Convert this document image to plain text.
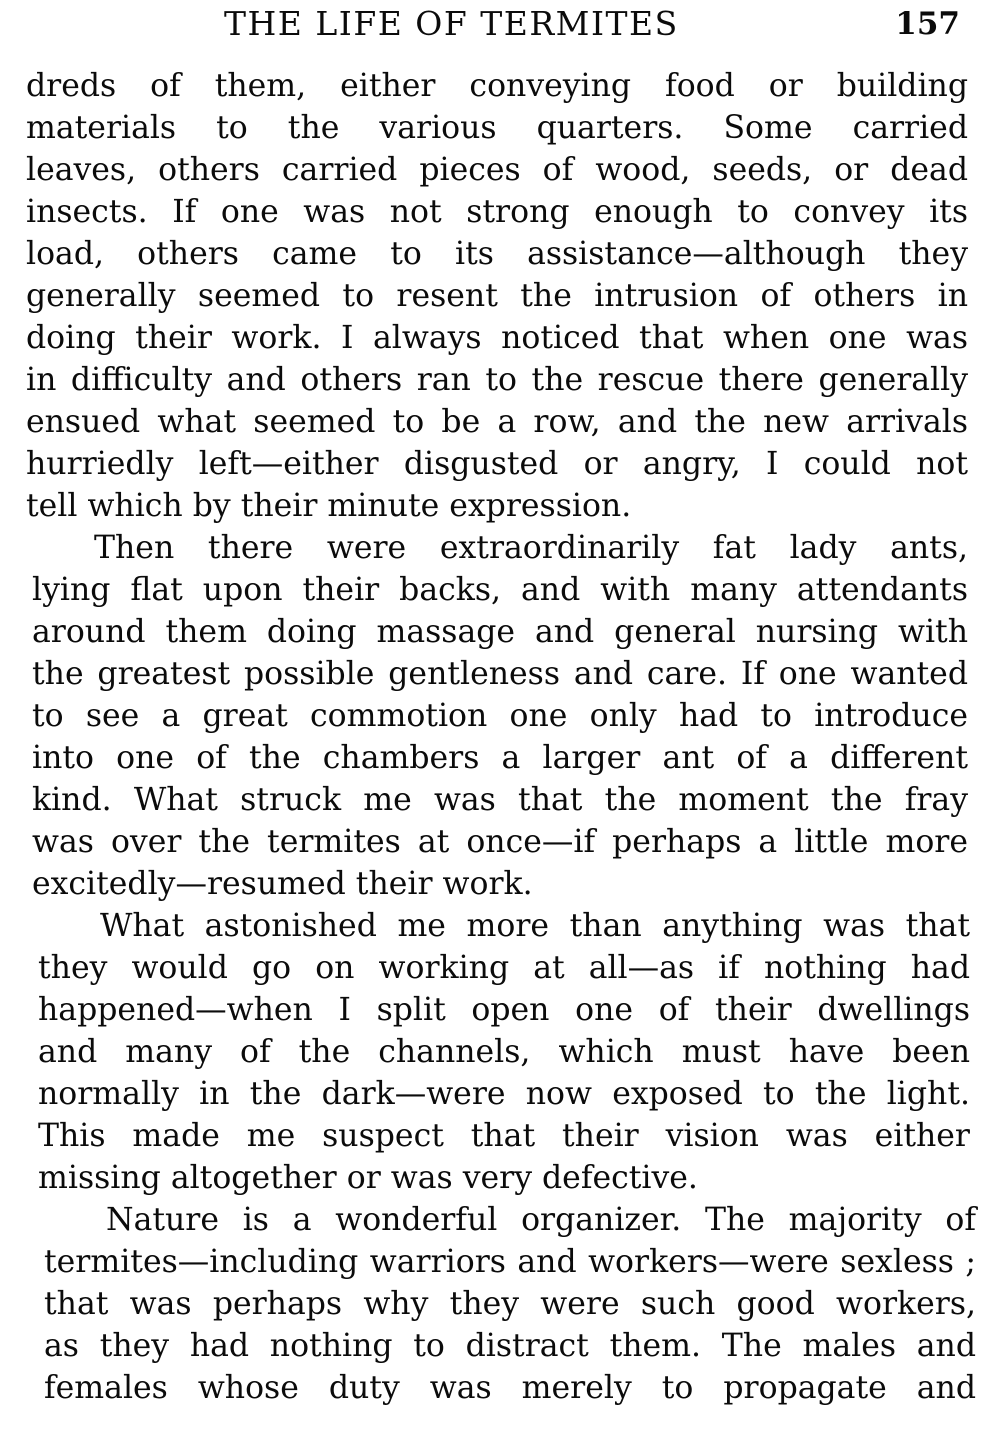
THE LIFE OF TERMITES	157
dreds of them, either conveying food or building
materials to the various quarters. Some carried
leaves, others carried pieces of wood, seeds, or dead
insects. If one was not strong enough to convey its
load, others came to its assistance—although they
generally seemed to resent the intrusion of others in
doing their work. I always noticed that when one was
in difficulty and others ran to the rescue there generally
ensued what seemed to be a row, and the new arrivals
hurriedly left—either disgusted or angry, I could not
tell which by their minute expression.
Then there were extraordinarily fat lady ants,
lying flat upon their backs, and with many attendants
around them doing massage and general nursing with
the greatest possible gentleness and care. If one wanted
to see a great commotion one only had to introduce
into one of the chambers a larger ant of a different
kind. What struck me was that the moment the fray
was over the termites at once—if perhaps a little more
excitedly—resumed their work.
What astonished me more than anything was that
they would go on working at all—as if nothing had
happened—when I split open one of their dwellings
and many of the channels, which must have been
normally in the dark—were now exposed to the light.
This made me suspect that their vision was either
missing altogether or was very defective.
Nature is a wonderful organizer. The majority of
termites—including warriors and workers—were sexless ;
that was perhaps why they were such good workers,
as they had nothing to distract them. The males and
females whose duty was merely to propagate and
